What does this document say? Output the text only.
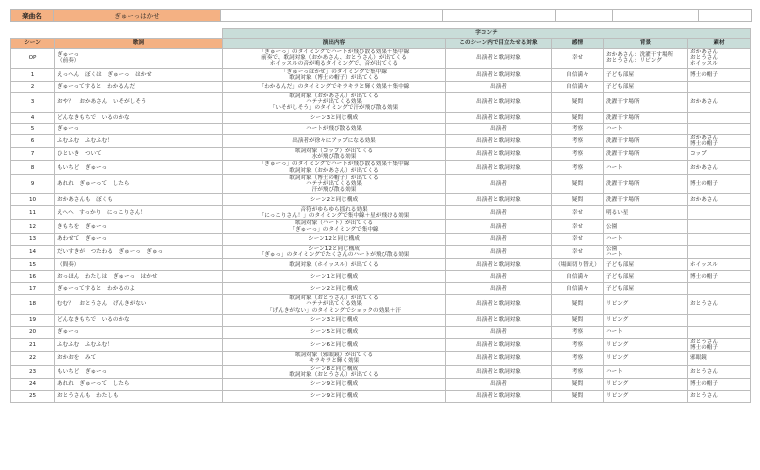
楽曲名	ぎゅーっはかせ					
		字コンテ				
シーン	歌詞	演出内容	このシーン内で目立たせる対象	感情	背景	素材
OP	ぎゅーっ
（前奏）	「ぎゅーっ」のタイミングでハートが飛び散る効果＋集中線
前奏で、歌詞対象（おかあさん、おとうさん）が出てくる
ホイッスルの音が鳴るタイミングで、音が出てくる	出演者と歌詞対象	幸せ	おかあさん：洗濯干す場所
おとうさん：リビング	おかあさん
おとうさん
ホイッスル
1	えっへん　ぼくは　ぎゅーっ　はかせ	「ぎゅーっはかせ」のタイミングで集中線
歌詞対象（博士の帽子）が出てくる	出演者と歌詞対象	自信満々	子ども部屋	博士の帽子
2	ぎゅーってすると　わかるんだ	「わかるんだ」のタイミングでキラキラと輝く効果＋集中線	出演者	自信満々	子ども部屋	
3	おや？　おかあさん　いそがしそう	歌詞対象（おかあさん）が出てくる
ハテナが出てくる効果
「いそがしそう」のタイミングで汗が飛び散る効果	出演者と歌詞対象	疑問	洗濯干す場所	おかあさん
4	どんなきもちで　いるのかな	シーン3と同じ構成	出演者と歌詞対象	疑問	洗濯干す場所	
5	ぎゅーっ	ハートが飛び散る効果	出演者	考察	ハート	
6	ふむふむ　ふむふむ！	出演者が徐々にアップになる効果	出演者と歌詞対象	考察	洗濯干す場所	おかあさん
博士の帽子
7	ひといき　ついて	歌詞対象（コップ）が出てくる
水が飛び散る効果	出演者と歌詞対象	考察	洗濯干す場所	コップ
8	もいちど　ぎゅーっ	「ぎゅーっ」のタイミングでハートが飛び散る効果＋集中線
歌詞対象（おかあさん）が出てくる	出演者と歌詞対象	考察	ハート	おかあさん
9	あれれ　ぎゅーって　したら	歌詞対象（博士の帽子）が出てくる
ハテナが出てくる効果
汗が飛び散る効果	出演者	疑問	洗濯干す場所	博士の帽子
10	おかあさんも　ぼくも	シーン2と同じ構成	出演者と歌詞対象	疑問	洗濯干す場所	おかあさん
11	えへへ　すっかり　にっこりさん！	音符がゆらゆら揺れる効果
「にっこりさん！」のタイミングで集中線＋星が飛ける効果	出演者	幸せ	明るい星	
12	きもちを　ぎゅーっ	歌詞対象（ハート）が出てくる
「ぎゅーっ」のタイミングで集中線	出演者	幸せ	公園	
13	あわせて　ぎゅーっ	シーン12と同じ構成	出演者	幸せ	ハート	
14	だいすきが　つたわる　ぎゅーっ　ぎゅっ	シーン12と同じ構成
「ぎゅっ」のタイミングでたくさんのハートが飛び散る効果	出演者	幸せ	公園
ハート	
15	（間奏）	歌詞対象（ホイッスル）が出てくる	出演者と歌詞対象	（場面切り替え）	子ども部屋	ホイッスル
16	おっほん　わたしは　ぎゅーっ　はかせ	シーン1と同じ構成	出演者	自信満々	子ども部屋	博士の帽子
17	ぎゅーってすると　わかるのよ	シーン2と同じ構成	出演者	自信満々	子ども部屋	
18	むむ？　おとうさん　げんきがない	歌詞対象（おとうさん）が出てくる
ハテナが出てくる効果
「げんきがない」のタイミングでショックの効果＋汗	出演者と歌詞対象	疑問	リビング	おとうさん
19	どんなきもちで　いるのかな	シーン3と同じ構成	出演者と歌詞対象	疑問	リビング	
20	ぎゅーっ	シーン5と同じ構成	出演者	考察	ハート	
21	ふむふむ　ふむふむ！	シーン6と同じ構成	出演者と歌詞対象	考察	リビング	おとうさん
博士の帽子
22	おかおを　みて	歌詞対象（邪眼鏡）が出てくる
キラキラと輝く効果	出演者と歌詞対象	考察	リビング	邪眼鏡
23	もいちど　ぎゅーっ	シーン8と同じ構成
歌詞対象（おとうさん）が出てくる	出演者と歌詞対象	考察	ハート	おとうさん
24	あれれ　ぎゅーって　したら	シーン9と同じ構成	出演者	疑問	リビング	博士の帽子
25	おとうさんも　わたしも	シーン9と同じ構成	出演者と歌詞対象	疑問	リビング	おとうさん
